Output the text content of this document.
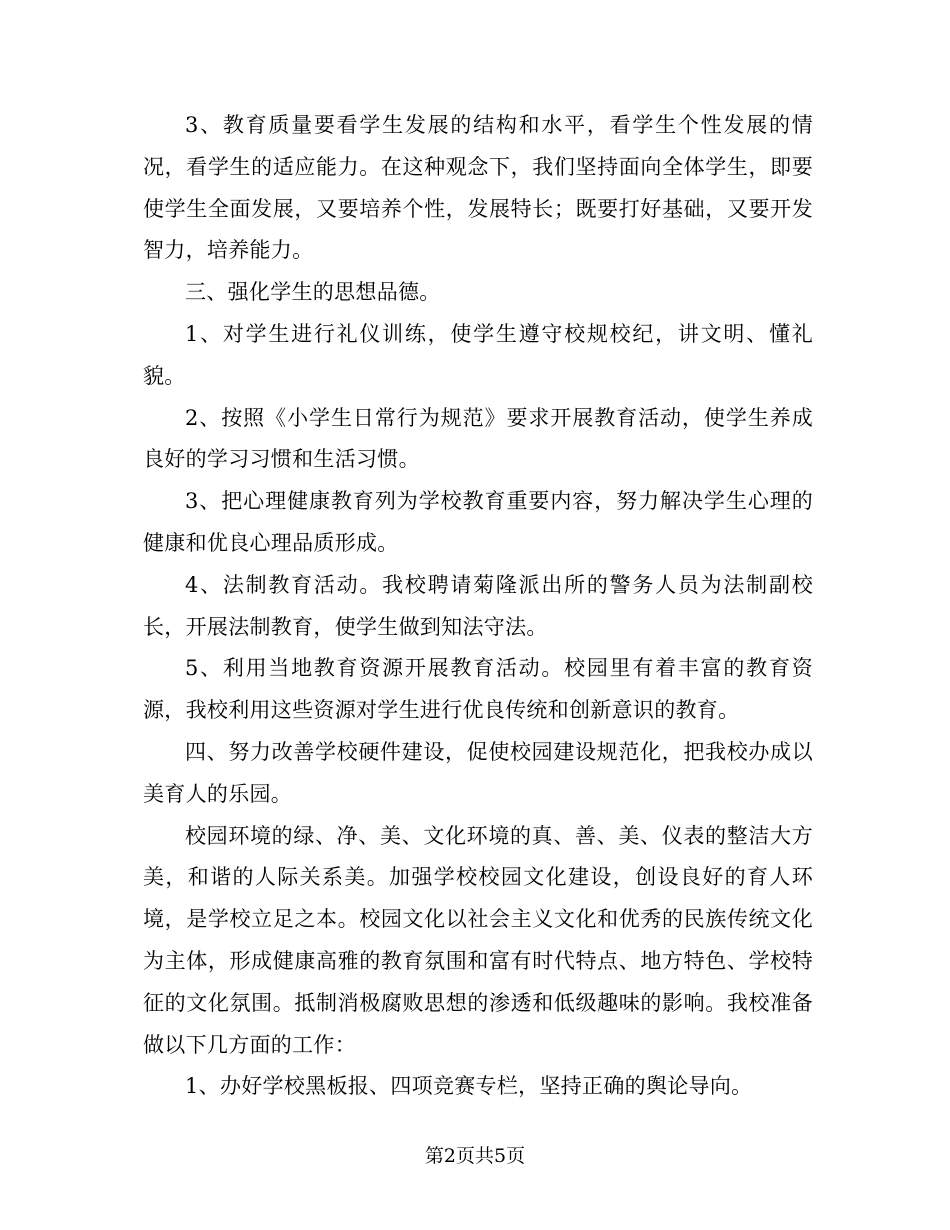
3、教育质量要看学生发展的结构和水平，看学生个性发展的情况，看学生的适应能力。在这种观念下，我们坚持面向全体学生，即要使学生全面发展，又要培养个性，发展特长；既要打好基础，又要开发智力，培养能力。

三、强化学生的思想品德。

1、对学生进行礼仪训练，使学生遵守校规校纪，讲文明、懂礼貌。

2、按照《小学生日常行为规范》要求开展教育活动，使学生养成良好的学习习惯和生活习惯。

3、把心理健康教育列为学校教育重要内容，努力解决学生心理的健康和优良心理品质形成。

4、法制教育活动。我校聘请菊隆派出所的警务人员为法制副校长，开展法制教育，使学生做到知法守法。

5、利用当地教育资源开展教育活动。校园里有着丰富的教育资源，我校利用这些资源对学生进行优良传统和创新意识的教育。

四、努力改善学校硬件建设，促使校园建设规范化，把我校办成以美育人的乐园。

校园环境的绿、净、美、文化环境的真、善、美、仪表的整洁大方美，和谐的人际关系美。加强学校校园文化建设，创设良好的育人环境，是学校立足之本。校园文化以社会主义文化和优秀的民族传统文化为主体，形成健康高雅的教育氛围和富有时代特点、地方特色、学校特征的文化氛围。抵制消极腐败思想的渗透和低级趣味的影响。我校准备做以下几方面的工作：

1、办好学校黑板报、四项竞赛专栏，坚持正确的舆论导向。

第2页共5页
